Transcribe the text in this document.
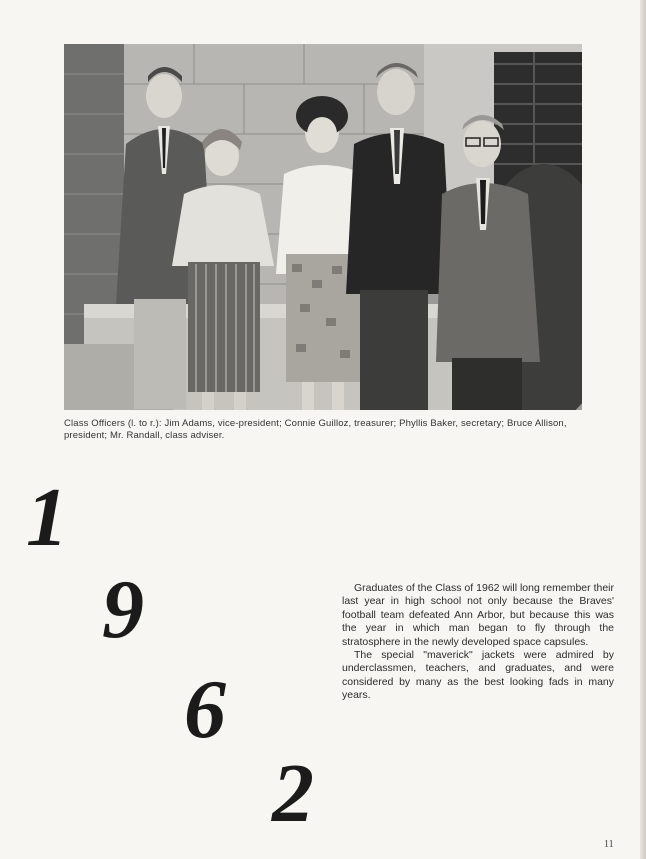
Class Officers (l. to r.): Jim Adams, vice-president; Connie Guilloz, treasurer; Phyllis Baker, secretary; Bruce Allison, president; Mr. Randall, class adviser.
1
9
6
2

Graduates of the Class of 1962 will long remember their last year in high school not only because the Braves' football team defeated Ann Arbor, but because this was the year in which man began to fly through the stratosphere in the newly developed space capsules.

The special "maverick" jackets were admired by underclassmen, teachers, and graduates, and were considered by many as the best looking fads in many years.

11
